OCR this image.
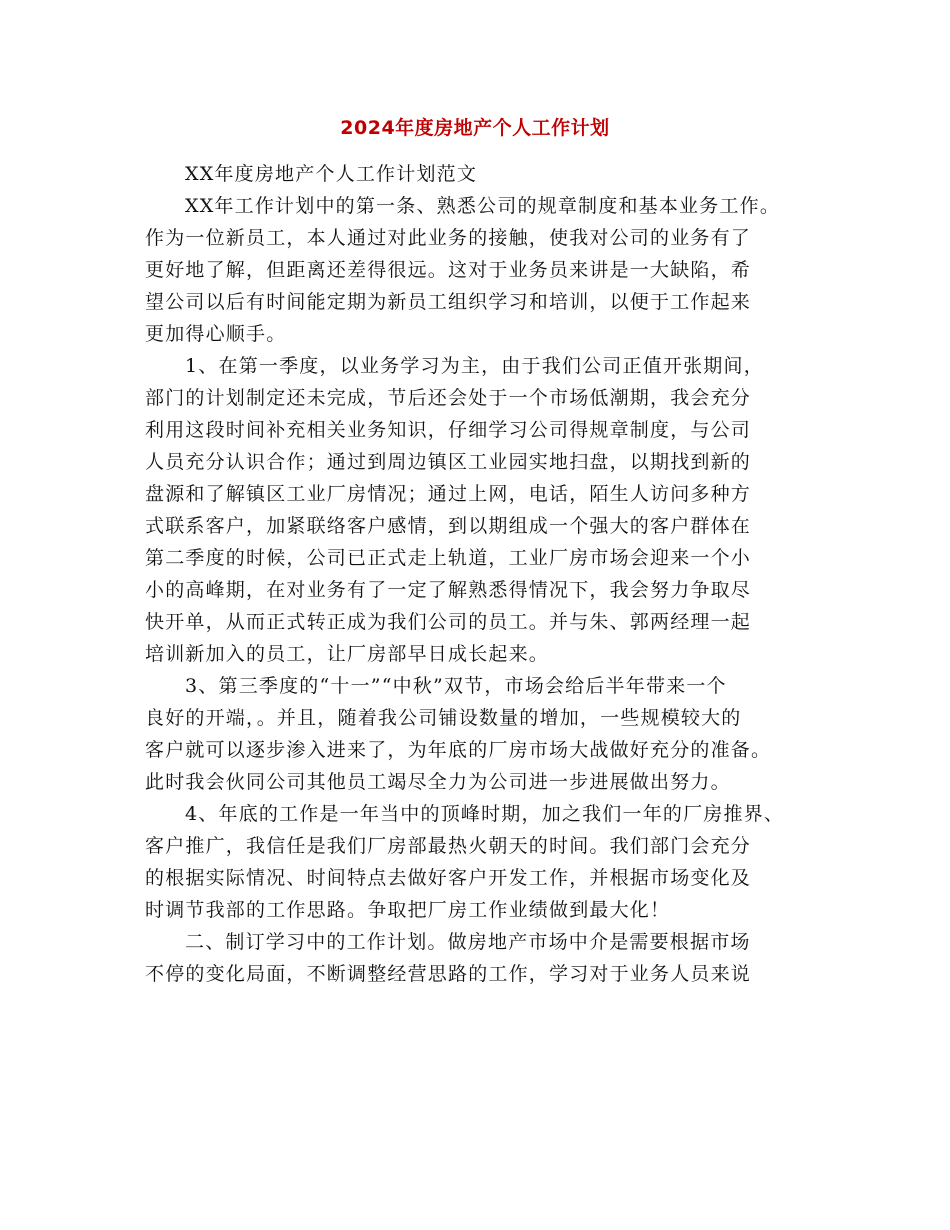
2024年度房地产个人工作计划
XX年度房地产个人工作计划范文
XX年工作计划中的第一条、熟悉公司的规章制度和基本业务工作。
作为一位新员工，本人通过对此业务的接触，使我对公司的业务有了
更好地了解，但距离还差得很远。这对于业务员来讲是一大缺陷，希
望公司以后有时间能定期为新员工组织学习和培训，以便于工作起来
更加得心顺手。
1、在第一季度，以业务学习为主，由于我们公司正值开张期间，
部门的计划制定还未完成，节后还会处于一个市场低潮期，我会充分
利用这段时间补充相关业务知识，仔细学习公司得规章制度，与公司
人员充分认识合作；通过到周边镇区工业园实地扫盘，以期找到新的
盘源和了解镇区工业厂房情况；通过上网，电话，陌生人访问多种方
式联系客户，加紧联络客户感情，到以期组成一个强大的客户群体在
第二季度的时候，公司已正式走上轨道，工业厂房市场会迎来一个小
小的高峰期，在对业务有了一定了解熟悉得情况下，我会努力争取尽
快开单，从而正式转正成为我们公司的员工。并与朱、郭两经理一起
培训新加入的员工，让厂房部早日成长起来。
3、第三季度的“十一”“中秋”双节，市场会给后半年带来一个
良好的开端，。并且，随着我公司铺设数量的增加，一些规模较大的
客户就可以逐步渗入进来了，为年底的厂房市场大战做好充分的准备。
此时我会伙同公司其他员工竭尽全力为公司进一步进展做出努力。
4、年底的工作是一年当中的顶峰时期，加之我们一年的厂房推界、
客户推广，我信任是我们厂房部最热火朝天的时间。我们部门会充分
的根据实际情况、时间特点去做好客户开发工作，并根据市场变化及
时调节我部的工作思路。争取把厂房工作业绩做到最大化！
二、制订学习中的工作计划。做房地产市场中介是需要根据市场
不停的变化局面，不断调整经营思路的工作，学习对于业务人员来说
